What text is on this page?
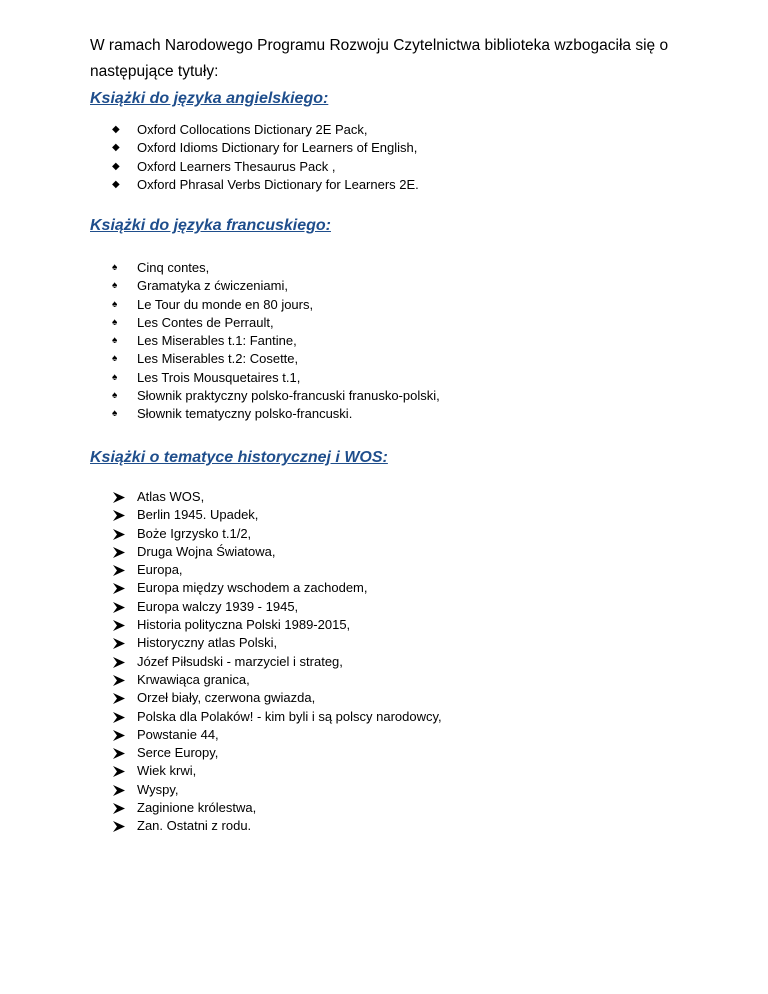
W ramach Narodowego Programu Rozwoju Czytelnictwa biblioteka wzbogaciła się o następujące tytuły:

Książki do języka angielskiego:
◆	Oxford Collocations Dictionary 2E Pack,
◆	Oxford Idioms Dictionary for Learners of English,
◆	Oxford Learners Thesaurus Pack ,
◆	Oxford Phrasal Verbs Dictionary for Learners 2E.
Książki do języka francuskiego:
♠	Cinq contes,
♠	Gramatyka z ćwiczeniami,
♠	Le Tour du monde en 80 jours,
♠	Les Contes de Perrault,
♠	Les Miserables t.1: Fantine,
♠	Les Miserables t.2: Cosette,
♠	Les Trois Mousquetaires t.1,
♠	Słownik praktyczny polsko-francuski franusko-polski,
♠	Słownik tematyczny polsko-francuski.
Książki o tematyce historycznej i WOS:
Atlas WOS,
Berlin 1945. Upadek,
Boże Igrzysko t.1/2,
Druga Wojna Światowa,
Europa,
Europa między wschodem a zachodem,
Europa walczy 1939 - 1945,
Historia polityczna Polski 1989-2015,
Historyczny atlas Polski,
Józef Piłsudski - marzyciel i strateg,
Krwawiąca granica,
Orzeł biały, czerwona gwiazda,
Polska dla Polaków! - kim byli i są polscy narodowcy,
Powstanie 44,
Serce Europy,
Wiek krwi,
Wyspy,
Zaginione królestwa,
Zan. Ostatni z rodu.
